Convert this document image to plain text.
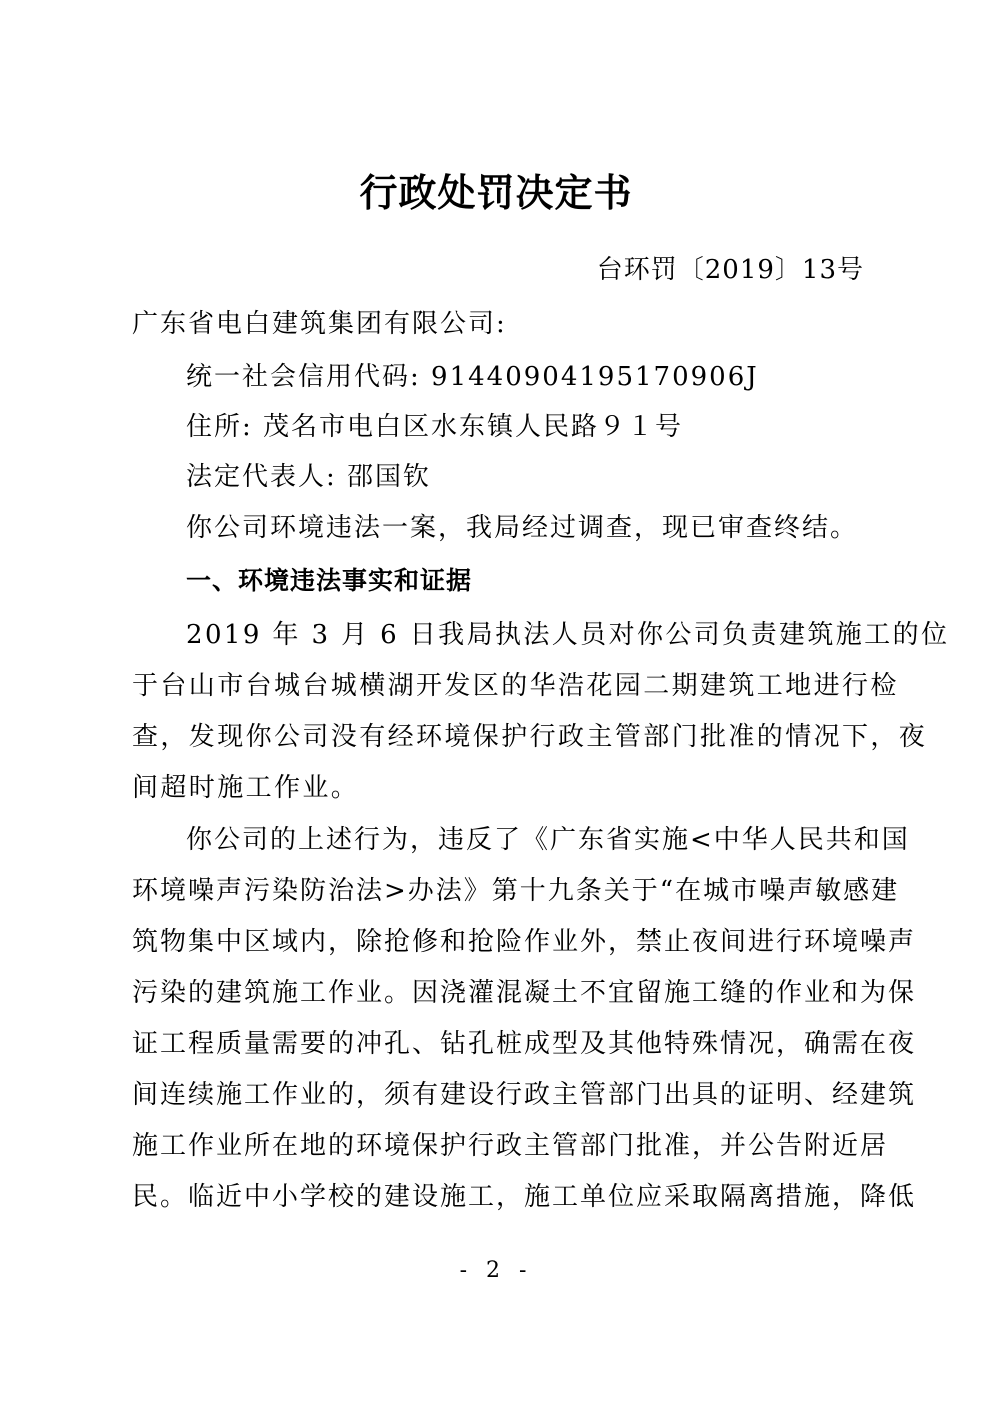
行政处罚决定书
台环罚〔2019〕13号
广东省电白建筑集团有限公司:
统一社会信用代码: 91440904195170906J
住所: 茂名市电白区水东镇人民路９１号
法定代表人: 邵国钦
你公司环境违法一案，我局经过调查，现已审查终结。
一、环境违法事实和证据
2019 年 3 月 6 日我局执法人员对你公司负责建筑施工的位
于台山市台城台城横湖开发区的华浩花园二期建筑工地进行检
查，发现你公司没有经环境保护行政主管部门批准的情况下，夜
间超时施工作业。
你公司的上述行为，违反了《广东省实施<中华人民共和国
环境噪声污染防治法>办法》第十九条关于“在城市噪声敏感建
筑物集中区域内，除抢修和抢险作业外，禁止夜间进行环境噪声
污染的建筑施工作业。因浇灌混凝土不宜留施工缝的作业和为保
证工程质量需要的冲孔、钻孔桩成型及其他特殊情况，确需在夜
间连续施工作业的，须有建设行政主管部门出具的证明、经建筑
施工作业所在地的环境保护行政主管部门批准，并公告附近居
民。临近中小学校的建设施工，施工单位应采取隔离措施，降低
- 2 -
